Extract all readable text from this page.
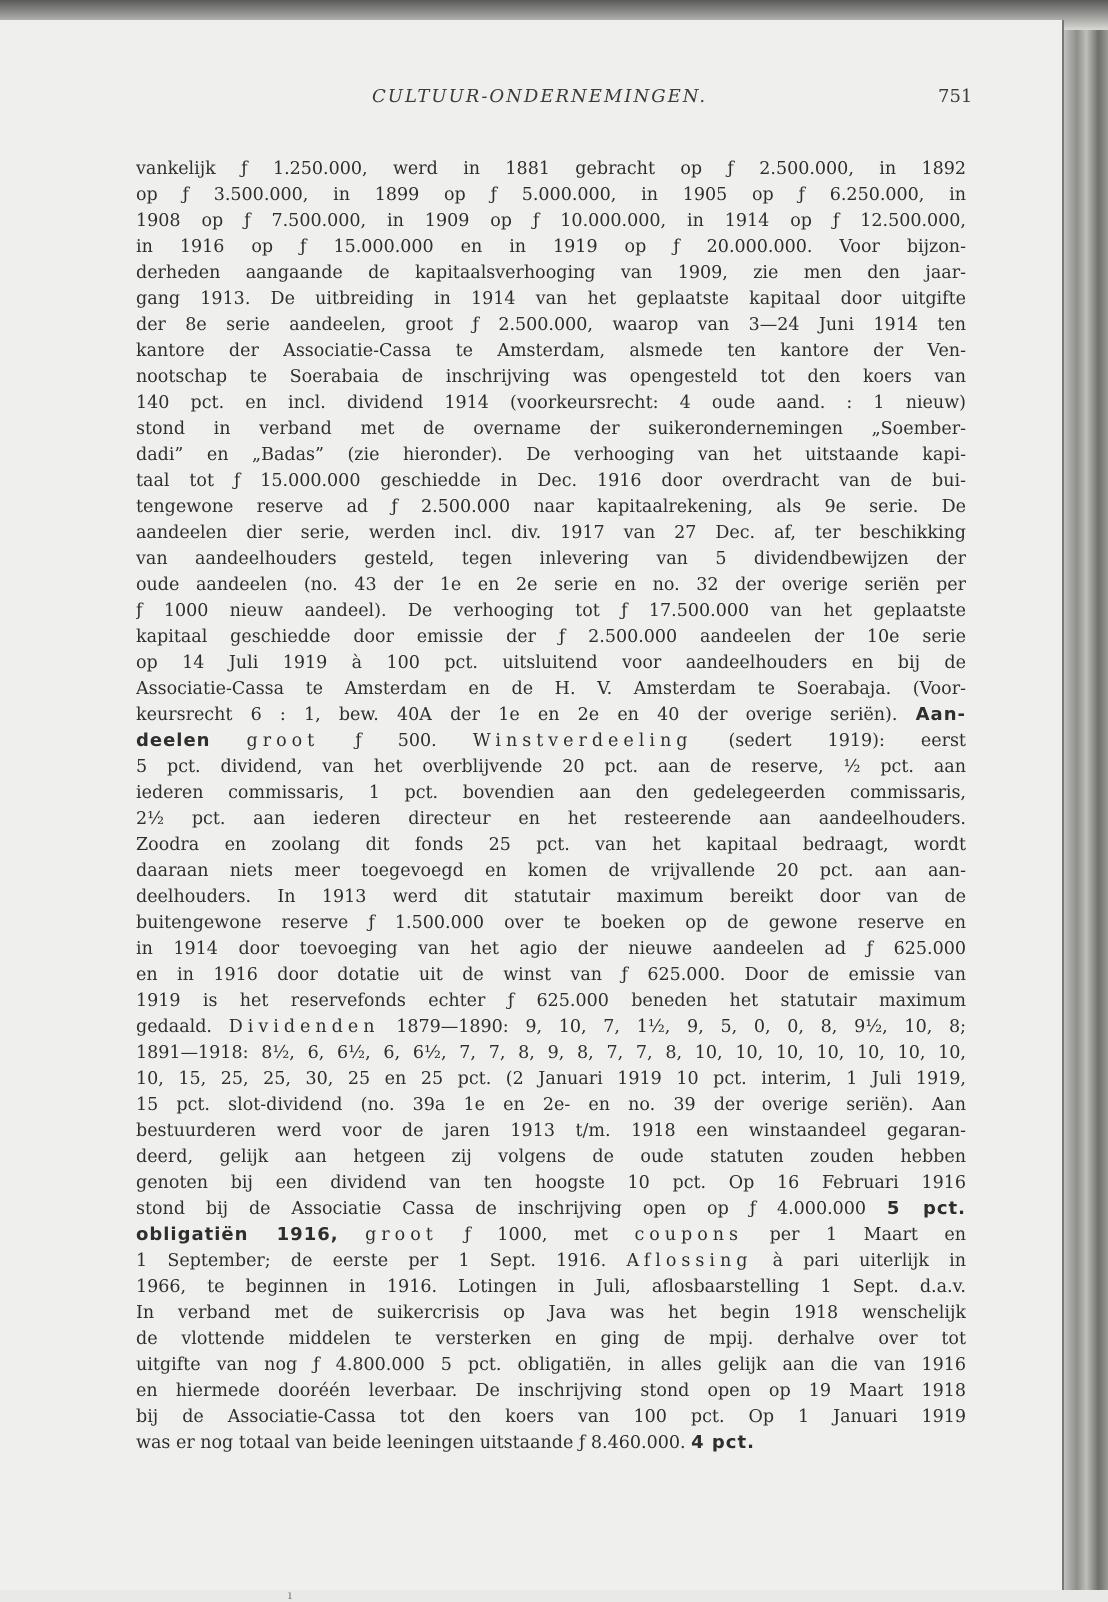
CULTUUR-ONDERNEMINGEN.	751
vankelijk ƒ 1.250.000, werd in 1881 gebracht op ƒ 2.500.000, in 1892
op ƒ 3.500.000, in 1899 op ƒ 5.000.000, in 1905 op ƒ 6.250.000, in
1908 op ƒ 7.500.000, in 1909 op ƒ 10.000.000, in 1914 op ƒ 12.500.000,
in 1916 op ƒ 15.000.000 en in 1919 op ƒ 20.000.000. Voor bijzon-
derheden aangaande de kapitaalsverhooging van 1909, zie men den jaar-
gang 1913. De uitbreiding in 1914 van het geplaatste kapitaal door uitgifte
der 8e serie aandeelen, groot ƒ 2.500.000, waarop van 3—24 Juni 1914 ten
kantore der Associatie-Cassa te Amsterdam, alsmede ten kantore der Ven-
nootschap te Soerabaia de inschrijving was opengesteld tot den koers van
140 pct. en incl. dividend 1914 (voorkeursrecht: 4 oude aand. : 1 nieuw)
stond in verband met de overname der suikerondernemingen „Soember-
dadi” en „Badas” (zie hieronder). De verhooging van het uitstaande kapi-
taal tot ƒ 15.000.000 geschiedde in Dec. 1916 door overdracht van de bui-
tengewone reserve ad ƒ 2.500.000 naar kapitaalrekening, als 9e serie. De
aandeelen dier serie, werden incl. div. 1917 van 27 Dec. af, ter beschikking
van aandeelhouders gesteld, tegen inlevering van 5 dividendbewijzen der
oude aandeelen (no. 43 der 1e en 2e serie en no. 32 der overige seriën per
ƒ 1000 nieuw aandeel). De verhooging tot ƒ 17.500.000 van het geplaatste
kapitaal geschiedde door emissie der ƒ 2.500.000 aandeelen der 10e serie
op 14 Juli 1919 à 100 pct. uitsluitend voor aandeelhouders en bij de
Associatie-Cassa te Amsterdam en de H. V. Amsterdam te Soerabaja. (Voor-
keursrecht 6 : 1, bew. 40A der 1e en 2e en 40 der overige seriën). Aan-
deelen groot ƒ 500. Winstverdeeling (sedert 1919): eerst
5 pct. dividend, van het overblijvende 20 pct. aan de reserve, ½ pct. aan
iederen commissaris, 1 pct. bovendien aan den gedelegeerden commissaris,
2½ pct. aan iederen directeur en het resteerende aan aandeelhouders.
Zoodra en zoolang dit fonds 25 pct. van het kapitaal bedraagt, wordt
daaraan niets meer toegevoegd en komen de vrijvallende 20 pct. aan aan-
deelhouders. In 1913 werd dit statutair maximum bereikt door van de
buitengewone reserve ƒ 1.500.000 over te boeken op de gewone reserve en
in 1914 door toevoeging van het agio der nieuwe aandeelen ad ƒ 625.000
en in 1916 door dotatie uit de winst van ƒ 625.000. Door de emissie van
1919 is het reservefonds echter ƒ 625.000 beneden het statutair maximum
gedaald. Dividenden 1879—1890: 9, 10, 7, 1½, 9, 5, 0, 0, 8, 9½, 10, 8;
1891—1918: 8½, 6, 6½, 6, 6½, 7, 7, 8, 9, 8, 7, 7, 8, 10, 10, 10, 10, 10, 10, 10,
10, 15, 25, 25, 30, 25 en 25 pct. (2 Januari 1919 10 pct. interim, 1 Juli 1919,
15 pct. slot-dividend (no. 39a 1e en 2e- en no. 39 der overige seriën). Aan
bestuurderen werd voor de jaren 1913 t/m. 1918 een winstaandeel gegaran-
deerd, gelijk aan hetgeen zij volgens de oude statuten zouden hebben
genoten bij een dividend van ten hoogste 10 pct. Op 16 Februari 1916
stond bij de Associatie Cassa de inschrijving open op ƒ 4.000.000 5 pct.
obligatiën 1916, groot ƒ 1000, met coupons per 1 Maart en
1 September; de eerste per 1 Sept. 1916. Aflossing à pari uiterlijk in
1966, te beginnen in 1916. Lotingen in Juli, aflosbaarstelling 1 Sept. d.a.v.
In verband met de suikercrisis op Java was het begin 1918 wenschelijk
de vlottende middelen te versterken en ging de mpij. derhalve over tot
uitgifte van nog ƒ 4.800.000 5 pct. obligatiën, in alles gelijk aan die van 1916
en hiermede dooréén leverbaar. De inschrijving stond open op 19 Maart 1918
bij de Associatie-Cassa tot den koers van 100 pct. Op 1 Januari 1919
was er nog totaal van beide leeningen uitstaande ƒ 8.460.000. 4 pct.
ı
